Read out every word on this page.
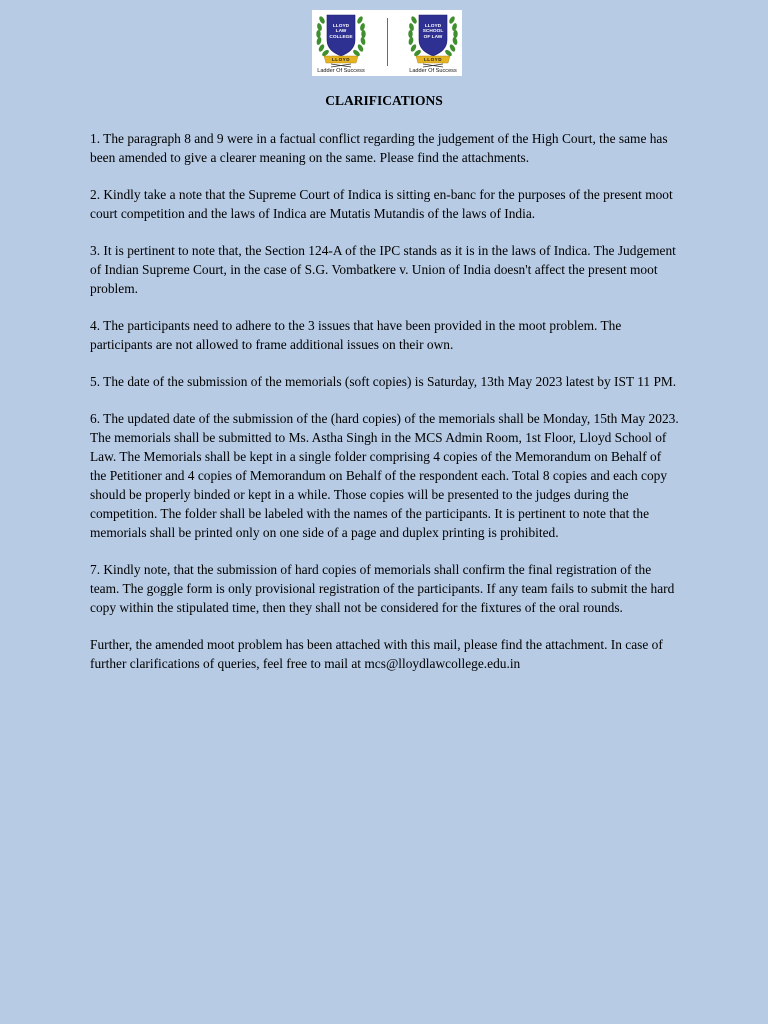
LLOYD
LAW
COLLEGE
LLOYD
Ladder Of Success
LLOYD
SCHOOL
OF LAW
LLOYD
Ladder Of Success
CLARIFICATIONS

1. The paragraph 8 and 9 were in a factual conflict regarding the judgement of the High Court, the same has been amended to give a clearer meaning on the same. Please find the attachments.

2. Kindly take a note that the Supreme Court of Indica is sitting en-banc for the purposes of the present moot court competition and the laws of Indica are Mutatis Mutandis of the laws of India.

3. It is pertinent to note that, the Section 124-A of the IPC stands as it is in the laws of Indica. The Judgement of Indian Supreme Court, in the case of S.G. Vombatkere v. Union of India doesn't affect the present moot problem.

4. The participants need to adhere to the 3 issues that have been provided in the moot problem. The participants are not allowed to frame additional issues on their own.

5. The date of the submission of the memorials (soft copies) is Saturday, 13th May 2023 latest by IST 11 PM.

6. The updated date of the submission of the (hard copies) of the memorials shall be Monday, 15th May 2023. The memorials shall be submitted to Ms. Astha Singh in the MCS Admin Room, 1st Floor, Lloyd School of Law. The Memorials shall be kept in a single folder comprising 4 copies of the Memorandum on Behalf of the Petitioner and 4 copies of Memorandum on Behalf of the respondent each. Total 8 copies and each copy should be properly binded or kept in a while. Those copies will be presented to the judges during the competition. The folder shall be labeled with the names of the participants. It is pertinent to note that the memorials shall be printed only on one side of a page and duplex printing is prohibited.

7. Kindly note, that the submission of hard copies of memorials shall confirm the final registration of the team. The goggle form is only provisional registration of the participants. If any team fails to submit the hard copy within the stipulated time, then they shall not be considered for the fixtures of the oral rounds.

Further, the amended moot problem has been attached with this mail, please find the attachment. In case of further clarifications of queries, feel free to mail at mcs@lloydlawcollege.edu.in
